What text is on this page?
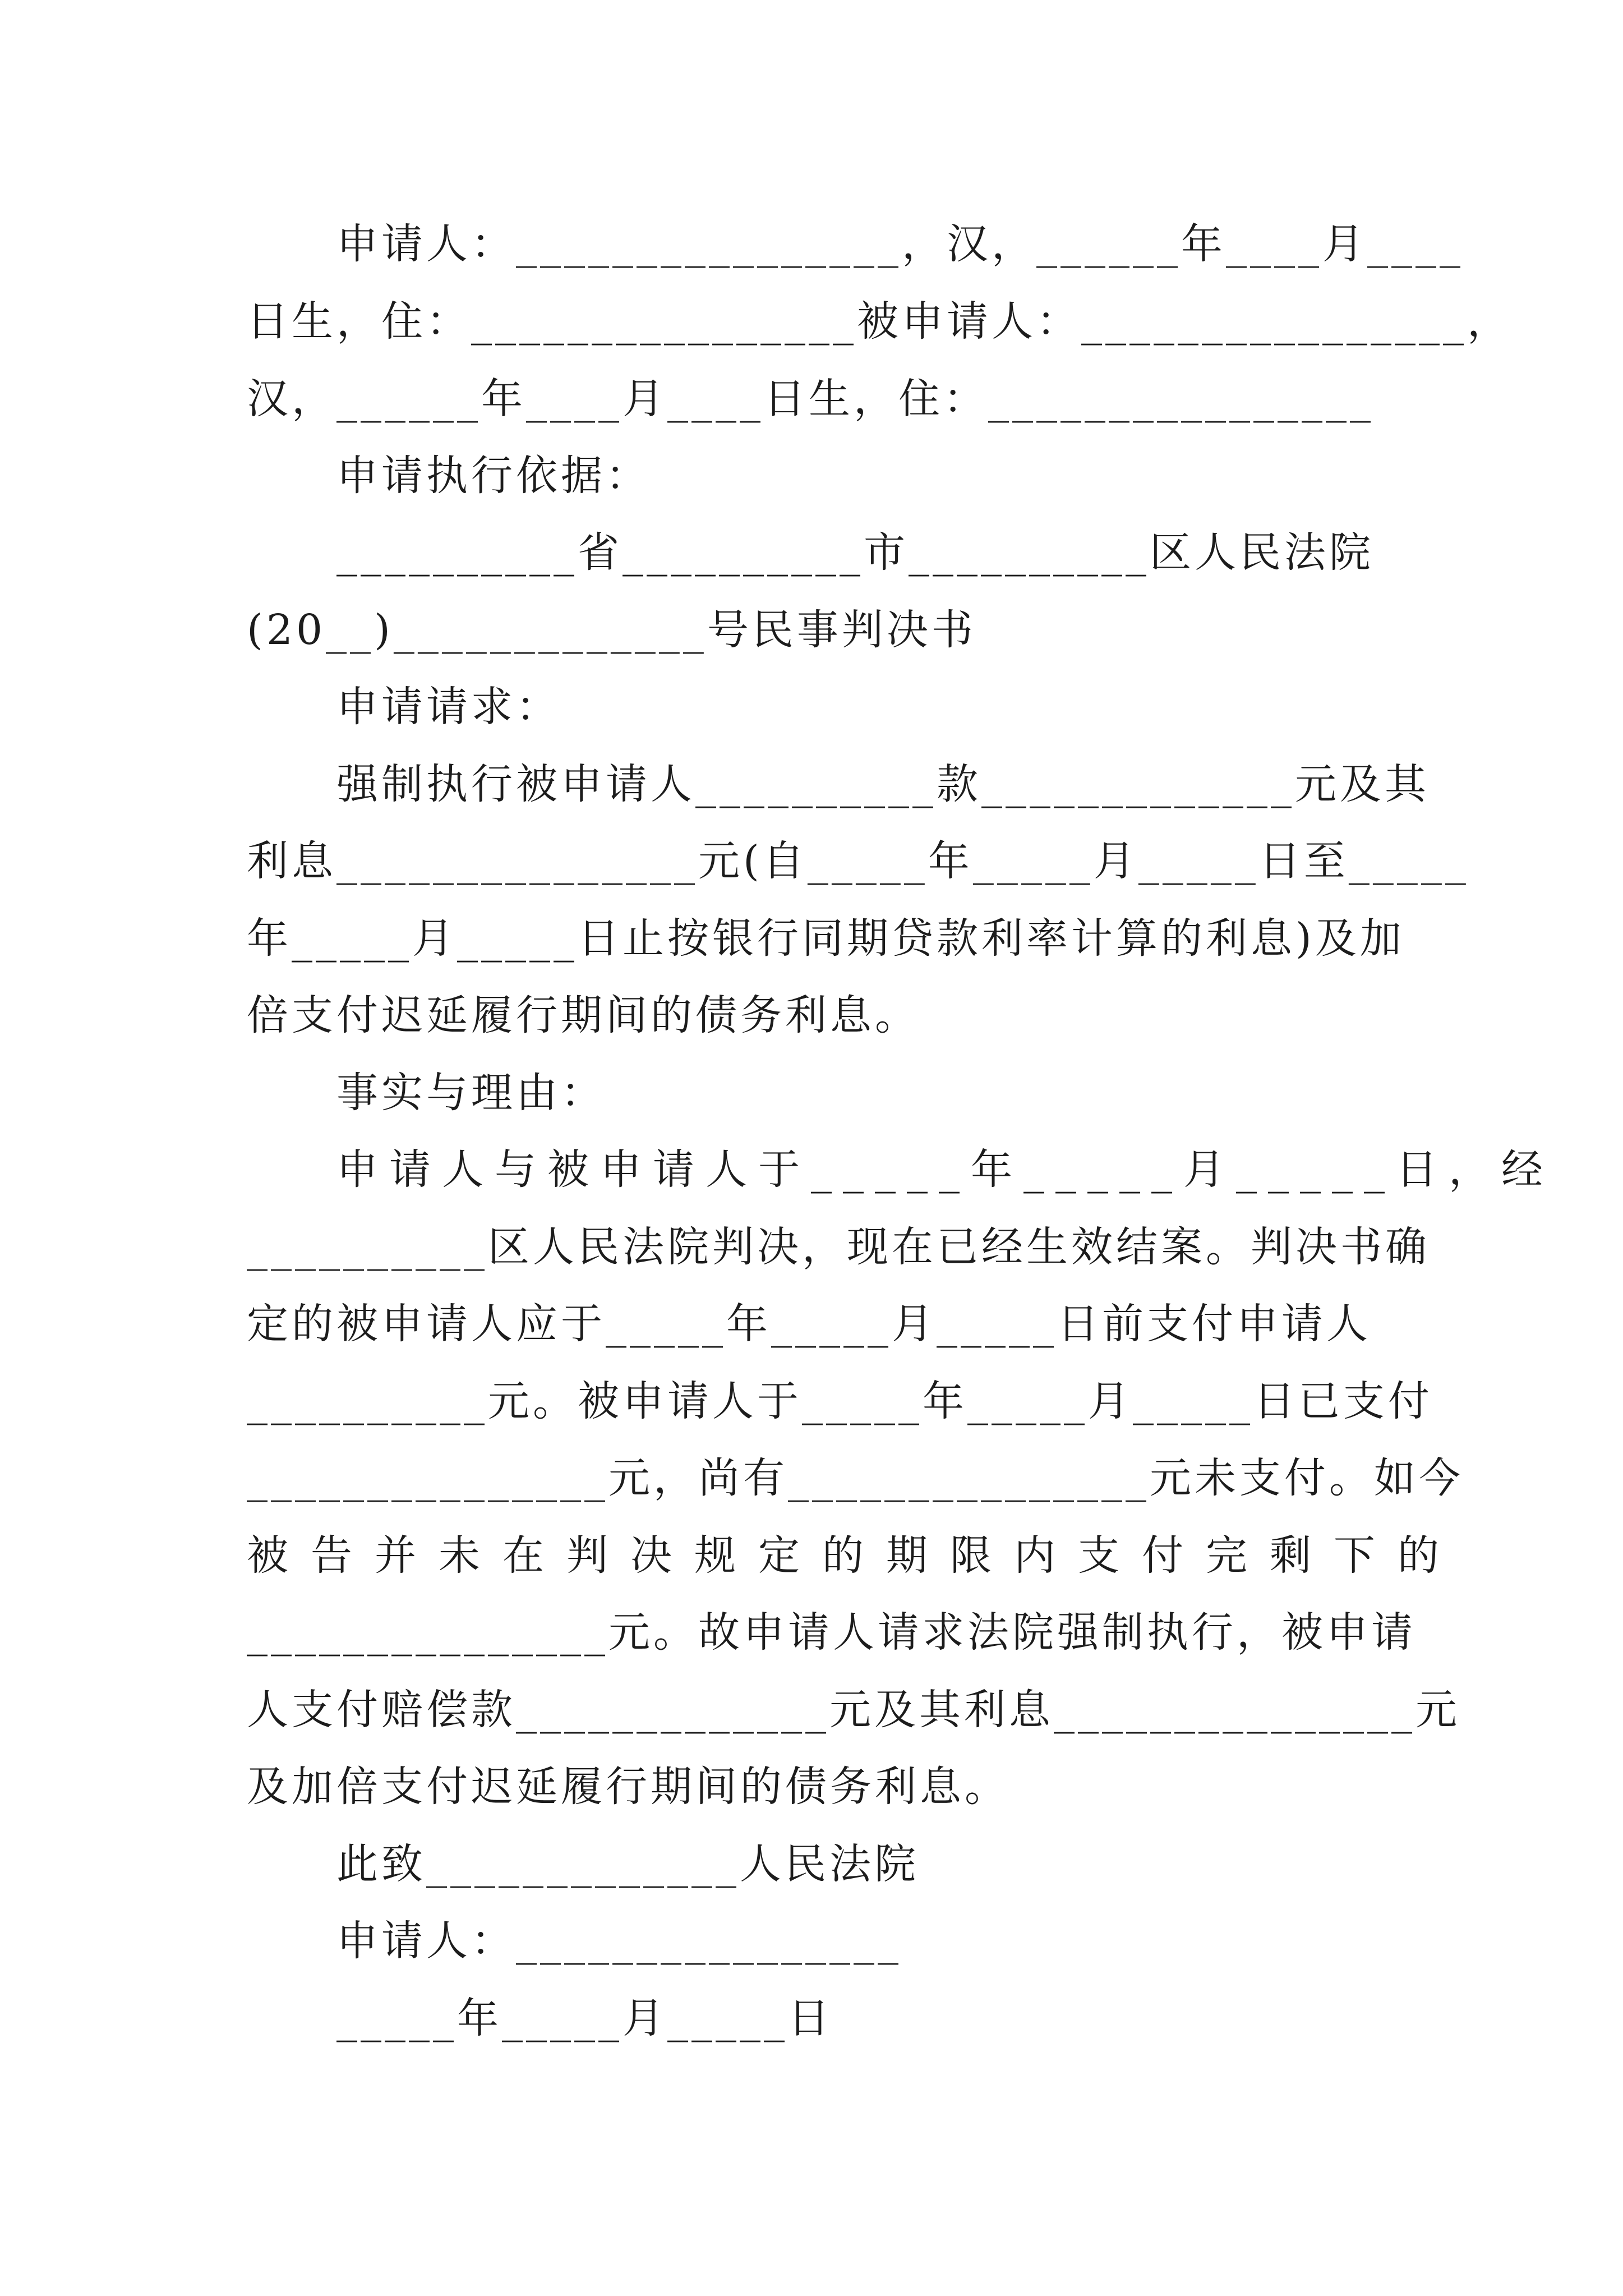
申请人：________________，汉，______年____月____
日生，住：________________被申请人：________________，
汉，______年____月____日生，住：________________
申请执行依据：
__________省__________市__________区人民法院
(20__)_____________号民事判决书
申请请求：
强制执行被申请人__________款_____________元及其
利息_______________元(自_____年_____月_____日至_____
年_____月_____日止按银行同期贷款利率计算的利息)及加
倍支付迟延履行期间的债务利息。
事实与理由：
申请人与被申请人于_____年_____月_____日，经
__________区人民法院判决，现在已经生效结案。判决书确
定的被申请人应于_____年_____月_____日前支付申请人
__________元。被申请人于_____年_____月_____日已支付
_______________元，尚有_______________元未支付。如今
被告并未在判决规定的期限内支付完剩下的
_______________元。故申请人请求法院强制执行，被申请
人支付赔偿款_____________元及其利息_______________元
及加倍支付迟延履行期间的债务利息。
此致_____________人民法院
申请人：________________
_____年_____月_____日
